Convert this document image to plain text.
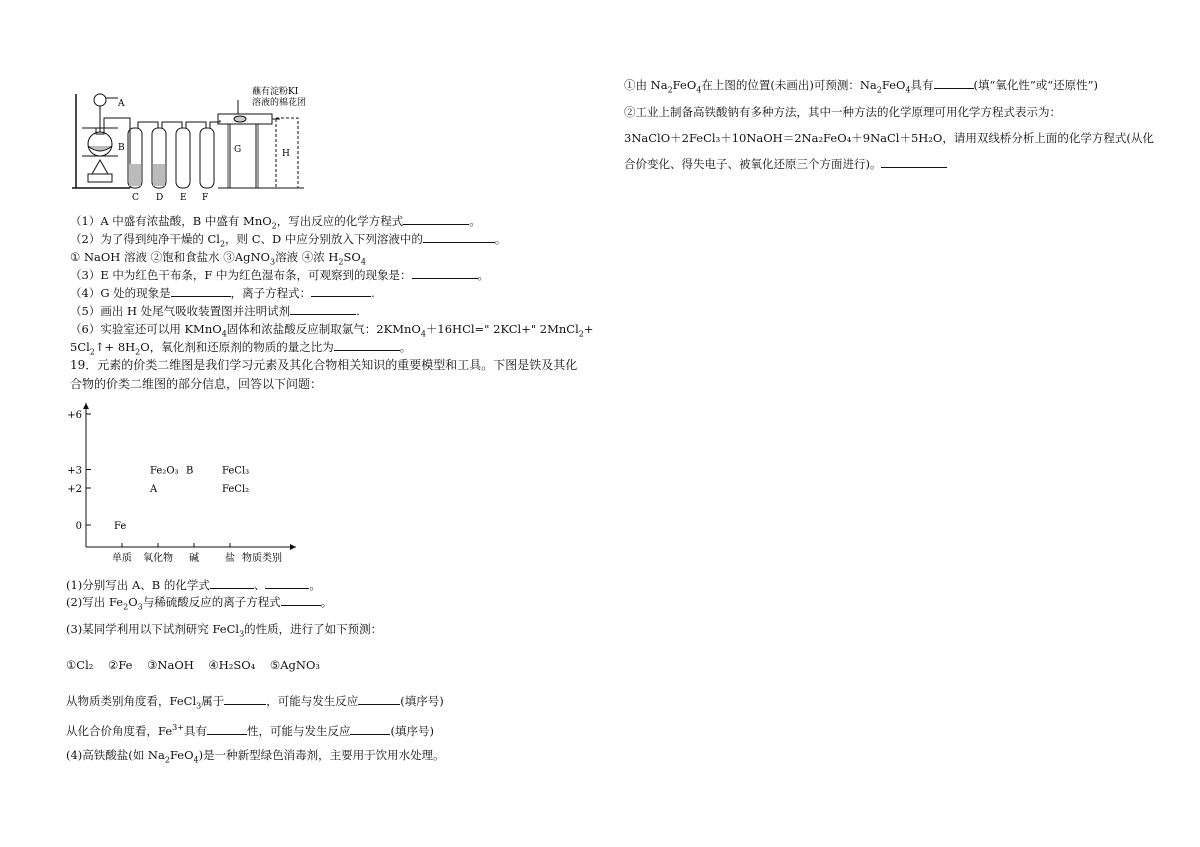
A
B
C D E F
G	H
蘸有淀粉KI
溶液的棉花团
（1）A 中盛有浓盐酸，B 中盛有 MnO$_2$，写出反应的化学方程式	。
（2）为了得到纯净干燥的 $Cl_2$，则 C、D 中应分别放入下列溶液中的	。
① NaOH 溶液 ②饱和食盐水 ③AgNO$_3$溶液 ④浓 $H_2SO_4$
（3）E 中为红色干布条，F 中为红色湿布条，可观察到的现象是：	。
（4）G 处的现象是	，离子方程式：	.
（5）画出 H 处尾气吸收装置图并注明试剂	.
（6）实验室还可以用 KMnO$_4$固体和浓盐酸反应制取氯气：2KMnO$_4$＋16HCl=" 2KCl+" 2MnCl$_2$+
$5Cl_2↑+ 8H_2O$，氧化剂和还原剂的物质的量之比为	。
19．元素的价类二维图是我们学习元素及其化合物相关知识的重要模型和工具。下图是铁及其化
合物的价类二维图的部分信息，回答以下问题：
+6
+3
+2
0
单质 氧化物 碱	盐 物质类别
Fe
Fe₂O₃
A
B	FeCl₃
FeCl₂
(1)分别写出 A、B 的化学式	、	。
(2)写出 $Fe_2O_3$与稀硫酸反应的离子方程式	。
(3)某同学利用以下试剂研究 FeCl$_3$的性质，进行了如下预测：
①Cl₂    ②Fe    ③NaOH    ④H₂SO₄    ⑤AgNO₃
从物质类别角度看，FeCl$_3$属于	，可能与发生反应	(填序号)
从化合价角度看，$Fe^{3+}$具有	性，可能与发生反应	(填序号)
(4)高铁酸盐(如 $Na_2FeO_4$)是一种新型绿色消毒剂，主要用于饮用水处理。
①由 $Na_2FeO_4$在上图的位置(未画出)可预测：$Na_2FeO_4$具有	(填“氧化性”或“还原性”)
②工业上制备高铁酸钠有多种方法，其中一种方法的化学原理可用化学方程式表示为：
3NaClO＋2FeCl₃＋10NaOH＝2Na₂FeO₄＋9NaCl＋5H₂O，请用双线桥分析上面的化学方程式(从化
合价变化、得失电子、被氧化还原三个方面进行)。
